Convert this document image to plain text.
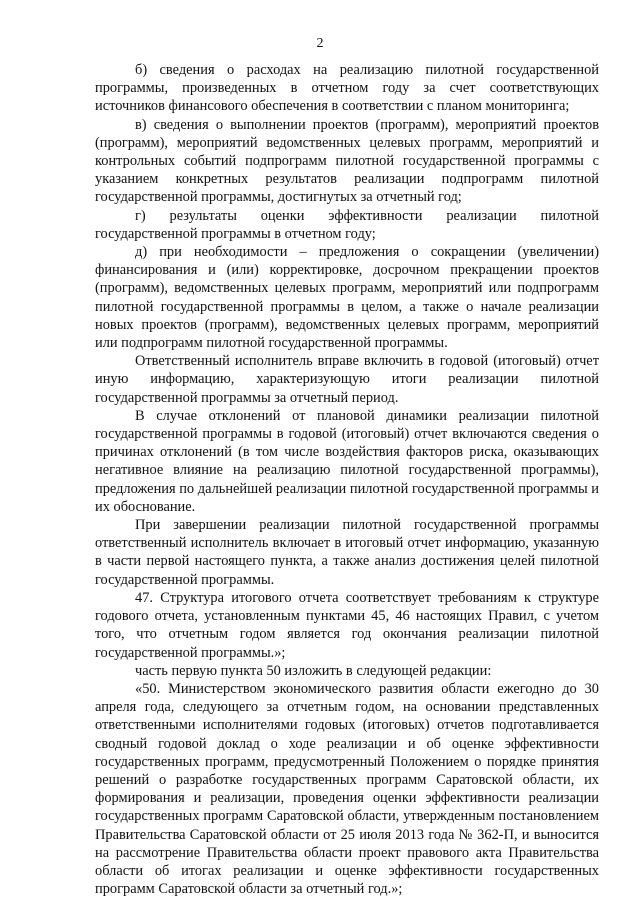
2

б) сведения о расходах на реализацию пилотной государственной программы, произведенных в отчетном году за счет соответствующих источников финансового обеспечения в соответствии с планом мониторинга;

в) сведения о выполнении проектов (программ), мероприятий проектов (программ), мероприятий ведомственных целевых программ, мероприятий и контрольных событий подпрограмм пилотной государственной программы с указанием конкретных результатов реализации подпрограмм пилотной государственной программы, достигнутых за отчетный год;

г) результаты оценки эффективности реализации пилотной государственной программы в отчетном году;

д) при необходимости – предложения о сокращении (увеличении) финансирования и (или) корректировке, досрочном прекращении проектов (программ), ведомственных целевых программ, мероприятий или подпрограмм пилотной государственной программы в целом, а также о начале реализации новых проектов (программ), ведомственных целевых программ, мероприятий или подпрограмм пилотной государственной программы.

Ответственный исполнитель вправе включить в годовой (итоговый) отчет иную информацию, характеризующую итоги реализации пилотной государственной программы за отчетный период.

В случае отклонений от плановой динамики реализации пилотной государственной программы в годовой (итоговый) отчет включаются сведения о причинах отклонений (в том числе воздействия факторов риска, оказывающих негативное влияние на реализацию пилотной государственной программы), предложения по дальнейшей реализации пилотной государственной программы и их обоснование.

При завершении реализации пилотной государственной программы ответственный исполнитель включает в итоговый отчет информацию, указанную в части первой настоящего пункта, а также анализ достижения целей пилотной государственной программы.

47. Структура итогового отчета соответствует требованиям к структуре годового отчета, установленным пунктами 45, 46 настоящих Правил, с учетом того, что отчетным годом является год окончания реализации пилотной государственной программы.»;

часть первую пункта 50 изложить в следующей редакции:

«50. Министерством экономического развития области ежегодно до 30 апреля года, следующего за отчетным годом, на основании представленных ответственными исполнителями годовых (итоговых) отчетов подготавливается сводный годовой доклад о ходе реализации и об оценке эффективности государственных программ, предусмотренный Положением о порядке принятия решений о разработке государственных программ Саратовской области, их формирования и реализации, проведения оценки эффективности реализации государственных программ Саратовской области, утвержденным постановлением Правительства Саратовской области от 25 июля 2013 года № 362-П, и выносится на рассмотрение Правительства области проект правового акта Правительства области об итогах реализации и оценке эффективности государственных программ Саратовской области за отчетный год.»;
